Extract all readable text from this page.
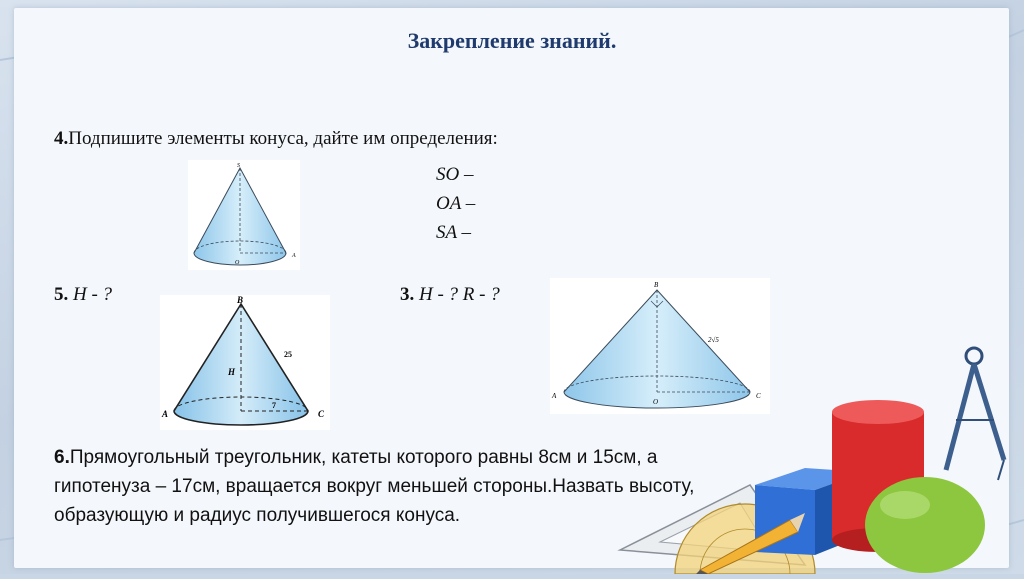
Закрепление знаний.
4.Подпишите элементы конуса, дайте им определения:
SO –
OA –
SA –
S
O
A
5. H - ?	B
A	C
H
25
7
3. H - ? R - ?	B
A	C
O
2√5
6.Прямоугольный треугольник, катеты которого равны 8см и 15см, а гипотенуза – 17см, вращается вокруг меньшей стороны.Назвать высоту, образующую и радиус получившегося конуса.
